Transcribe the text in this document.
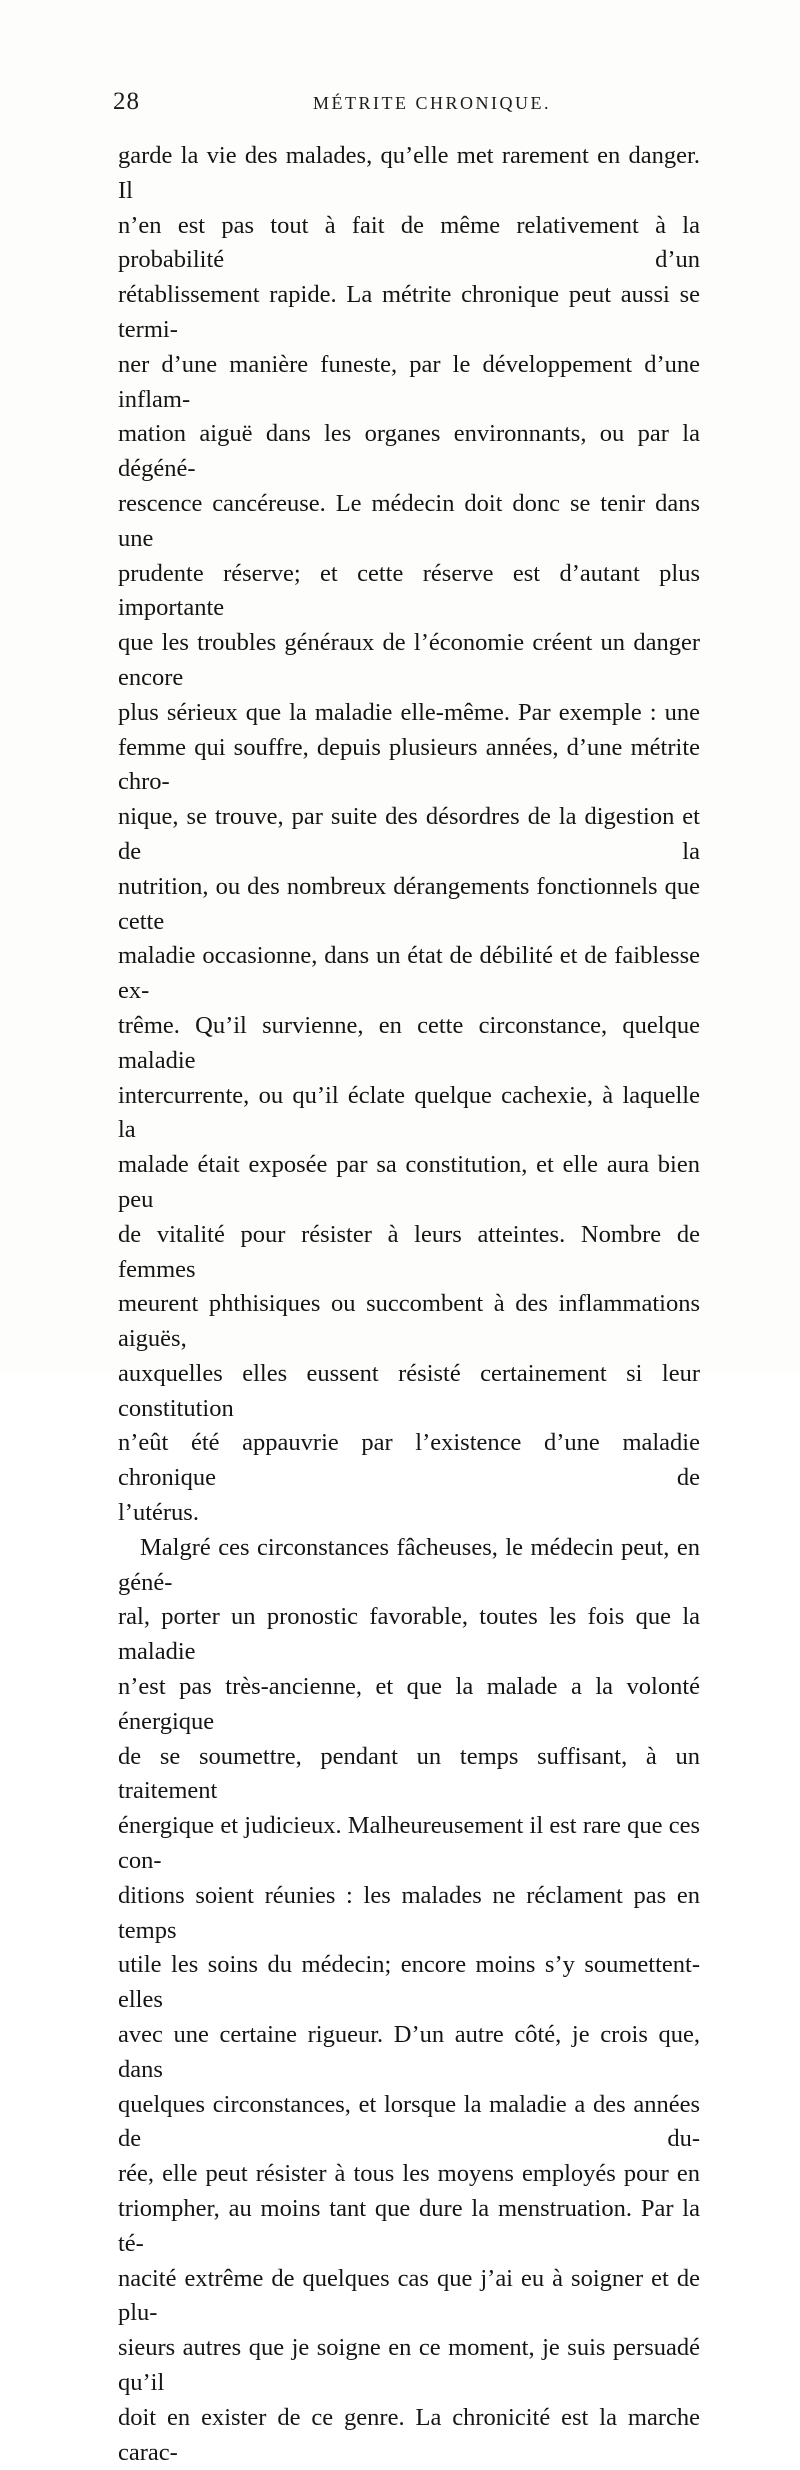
28	MÉTRITE CHRONIQUE.

garde la vie des malades, qu’elle met rarement en danger. Il

n’en est pas tout à fait de même relativement à la probabilité d’un

rétablissement rapide. La métrite chronique peut aussi se termi-

ner d’une manière funeste, par le développement d’une inflam-

mation aiguë dans les organes environnants, ou par la dégéné-

rescence cancéreuse. Le médecin doit donc se tenir dans une

prudente réserve; et cette réserve est d’autant plus importante

que les troubles généraux de l’économie créent un danger encore

plus sérieux que la maladie elle-même. Par exemple : une

femme qui souffre, depuis plusieurs années, d’une métrite chro-

nique, se trouve, par suite des désordres de la digestion et de la

nutrition, ou des nombreux dérangements fonctionnels que cette

maladie occasionne, dans un état de débilité et de faiblesse ex-

trême. Qu’il survienne, en cette circonstance, quelque maladie

intercurrente, ou qu’il éclate quelque cachexie, à laquelle la

malade était exposée par sa constitution, et elle aura bien peu

de vitalité pour résister à leurs atteintes. Nombre de femmes

meurent phthisiques ou succombent à des inflammations aiguës,

auxquelles elles eussent résisté certainement si leur constitution

n’eût été appauvrie par l’existence d’une maladie chronique de

l’utérus.

Malgré ces circonstances fâcheuses, le médecin peut, en géné-

ral, porter un pronostic favorable, toutes les fois que la maladie

n’est pas très-ancienne, et que la malade a la volonté énergique

de se soumettre, pendant un temps suffisant, à un traitement

énergique et judicieux. Malheureusement il est rare que ces con-

ditions soient réunies : les malades ne réclament pas en temps

utile les soins du médecin; encore moins s’y soumettent-elles

avec une certaine rigueur. D’un autre côté, je crois que, dans

quelques circonstances, et lorsque la maladie a des années de du-

rée, elle peut résister à tous les moyens employés pour en

triompher, au moins tant que dure la menstruation. Par la té-

nacité extrême de quelques cas que j’ai eu à soigner et de plu-

sieurs autres que je soigne en ce moment, je suis persuadé qu’il

doit en exister de ce genre. La chronicité est la marche carac-
